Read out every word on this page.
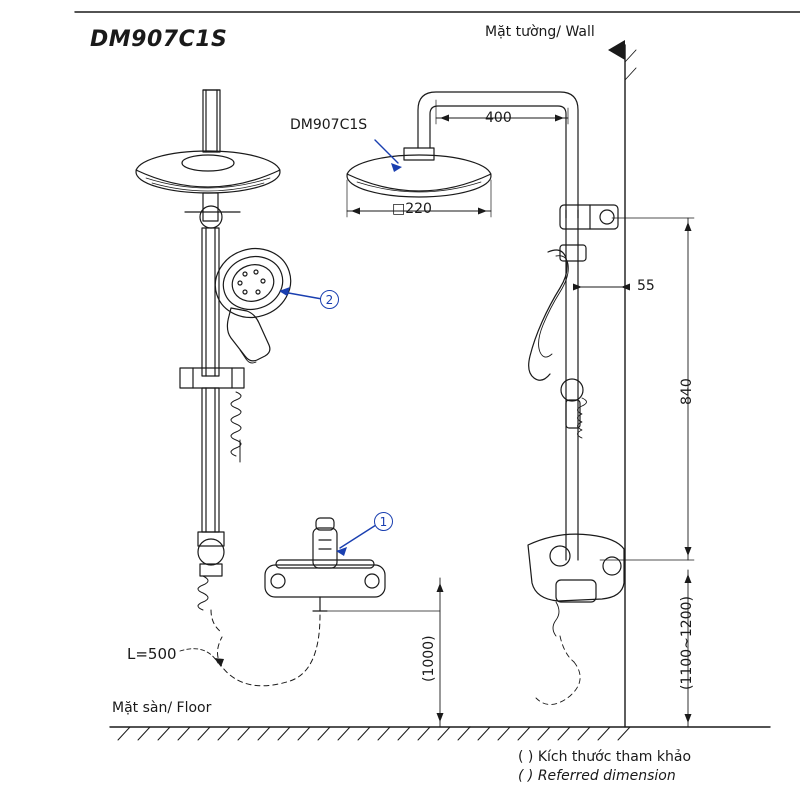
DM907C1S	Mặt tường/ Wall
DM907C1S	400
□220
55
840
(1100~1200)
(1000)
L=500
Mặt sàn/ Floor
( ) Kích thước tham khảo
( ) Referred dimension
1
2
